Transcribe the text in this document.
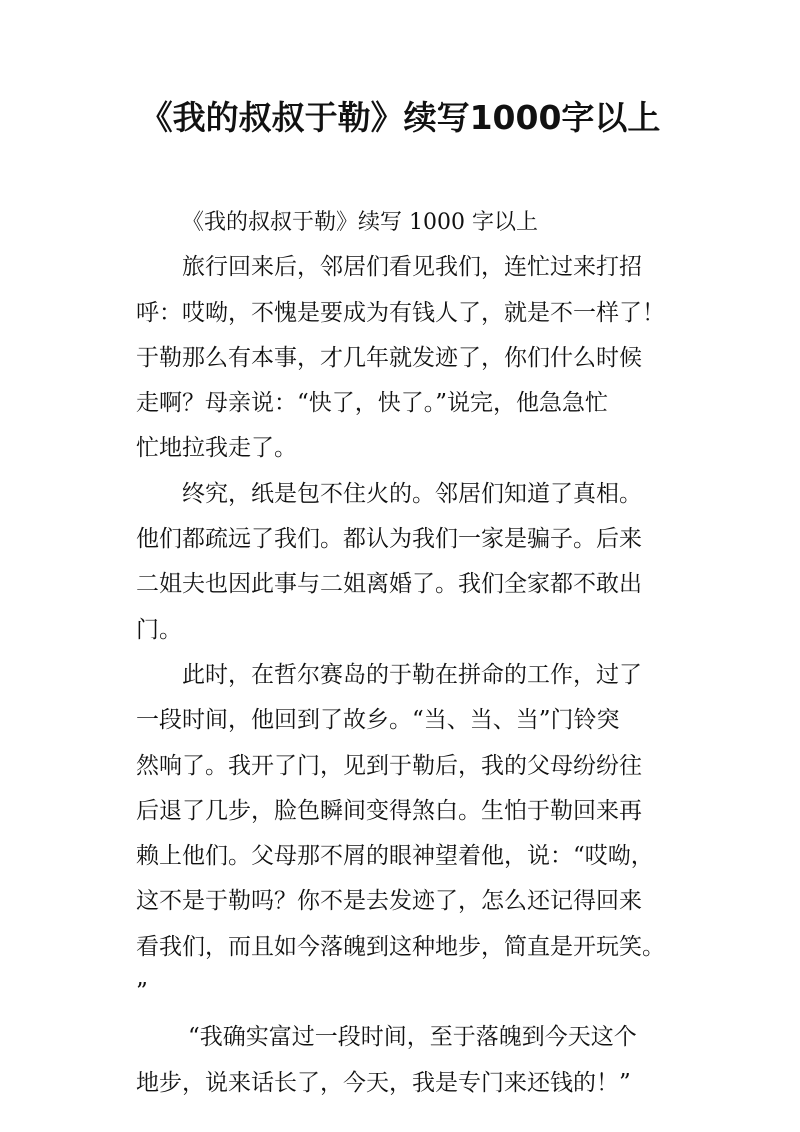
《我的叔叔于勒》续写1000字以上
《我的叔叔于勒》续写 1000 字以上
旅行回来后，邻居们看见我们，连忙过来打招
呼：哎呦，不愧是要成为有钱人了，就是不一样了！
于勒那么有本事，才几年就发迹了，你们什么时候
走啊？母亲说：“快了，快了。”说完，他急急忙
忙地拉我走了。
终究，纸是包不住火的。邻居们知道了真相。
他们都疏远了我们。都认为我们一家是骗子。后来
二姐夫也因此事与二姐离婚了。我们全家都不敢出
门。
此时，在哲尔赛岛的于勒在拼命的工作，过了
一段时间，他回到了故乡。“当、当、当”门铃突
然响了。我开了门，见到于勒后，我的父母纷纷往
后退了几步，脸色瞬间变得煞白。生怕于勒回来再
赖上他们。父母那不屑的眼神望着他，说：“哎呦，
这不是于勒吗？你不是去发迹了，怎么还记得回来
看我们，而且如今落魄到这种地步，简直是开玩笑。
”
“我确实富过一段时间，至于落魄到今天这个
地步，说来话长了，今天，我是专门来还钱的！”
